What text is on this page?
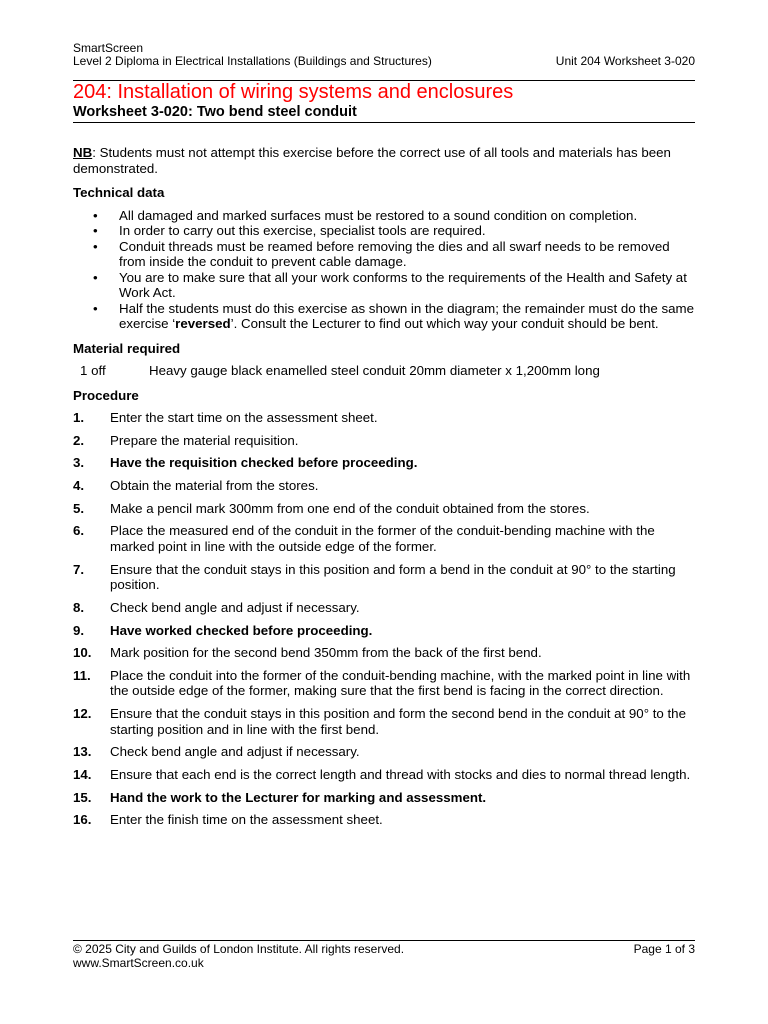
SmartScreen
Level 2 Diploma in Electrical Installations (Buildings and Structures)	Unit 204 Worksheet 3-020
204: Installation of wiring systems and enclosures
Worksheet 3-020: Two bend steel conduit

NB: Students must not attempt this exercise before the correct use of all tools and materials has been demonstrated.

Technical data
• All damaged and marked surfaces must be restored to a sound condition on completion.
• In order to carry out this exercise, specialist tools are required.
• Conduit threads must be reamed before removing the dies and all swarf needs to be removed from inside the conduit to prevent cable damage.
• You are to make sure that all your work conforms to the requirements of the Health and Safety at Work Act.
• Half the students must do this exercise as shown in the diagram; the remainder must do the same exercise ‘reversed’. Consult the Lecturer to find out which way your conduit should be bent.
Material required
1 off	Heavy gauge black enamelled steel conduit 20mm diameter x 1,200mm long
Procedure
1.	Enter the start time on the assessment sheet.
2.	Prepare the material requisition.
3.	Have the requisition checked before proceeding.
4.	Obtain the material from the stores.
5.	Make a pencil mark 300mm from one end of the conduit obtained from the stores.
6.	Place the measured end of the conduit in the former of the conduit-bending machine with the marked point in line with the outside edge of the former.
7.	Ensure that the conduit stays in this position and form a bend in the conduit at 90° to the starting position.
8.	Check bend angle and adjust if necessary.
9.	Have worked checked before proceeding.
10.	Mark position for the second bend 350mm from the back of the first bend.
11.	Place the conduit into the former of the conduit-bending machine, with the marked point in line with the outside edge of the former, making sure that the first bend is facing in the correct direction.
12.	Ensure that the conduit stays in this position and form the second bend in the conduit at 90° to the starting position and in line with the first bend.
13.	Check bend angle and adjust if necessary.
14.	Ensure that each end is the correct length and thread with stocks and dies to normal thread length.
15.	Hand the work to the Lecturer for marking and assessment.
16.	Enter the finish time on the assessment sheet.
© 2025 City and Guilds of London Institute. All rights reserved.	Page 1 of 3
www.SmartScreen.co.uk
